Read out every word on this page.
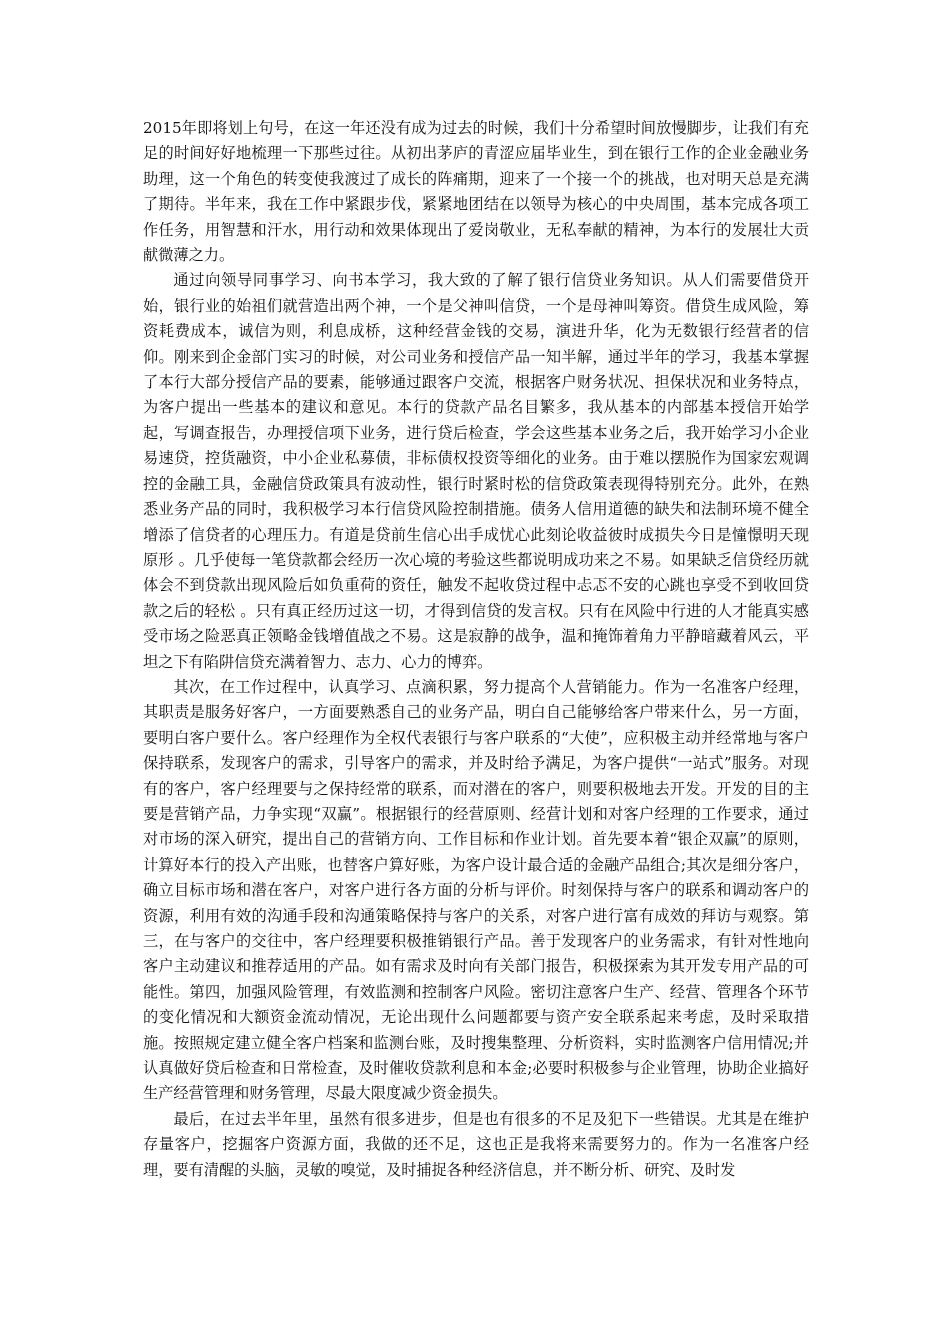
2015年即将划上句号，在这一年还没有成为过去的时候，我们十分希望时间放慢脚步，让我们有充足的时间好好地梳理一下那些过往。从初出茅庐的青涩应届毕业生，到在银行工作的企业金融业务助理，这一个角色的转变使我渡过了成长的阵痛期，迎来了一个接一个的挑战，也对明天总是充满了期待。半年来，我在工作中紧跟步伐，紧紧地团结在以领导为核心的中央周围，基本完成各项工作任务，用智慧和汗水，用行动和效果体现出了爱岗敬业，无私奉献的精神，为本行的发展壮大贡献微薄之力。

通过向领导同事学习、向书本学习，我大致的了解了银行信贷业务知识。从人们需要借贷开始，银行业的始祖们就营造出两个神，一个是父神叫信贷，一个是母神叫筹资。借贷生成风险，筹资耗费成本，诚信为则，利息成桥，这种经营金钱的交易，演进升华，化为无数银行经营者的信仰。刚来到企金部门实习的时候，对公司业务和授信产品一知半解，通过半年的学习，我基本掌握了本行大部分授信产品的要素，能够通过跟客户交流，根据客户财务状况、担保状况和业务特点，为客户提出一些基本的建议和意见。本行的贷款产品名目繁多，我从基本的内部基本授信开始学起，写调查报告，办理授信项下业务，进行贷后检查，学会这些基本业务之后，我开始学习小企业易速贷，控货融资，中小企业私募债，非标债权投资等细化的业务。由于难以摆脱作为国家宏观调控的金融工具，金融信贷政策具有波动性，银行时紧时松的信贷政策表现得特别充分。此外，在熟悉业务产品的同时，我积极学习本行信贷风险控制措施。债务人信用道德的缺失和法制环境不健全增添了信贷者的心理压力。有道是贷前生信心出手成忧心此刻论收益彼时成损失今日是憧憬明天现原形 。几乎使每一笔贷款都会经历一次心境的考验这些都说明成功来之不易。如果缺乏信贷经历就体会不到贷款出现风险后如负重荷的资任，触发不起收贷过程中忐忑不安的心跳也享受不到收回贷款之后的轻松 。只有真正经历过这一切，才得到信贷的发言权。只有在风险中行进的人才能真实感受市场之险恶真正领略金钱增值战之不易。这是寂静的战争，温和掩饰着角力平静暗藏着风云，平坦之下有陷阱信贷充满着智力、志力、心力的博弈。

其次，在工作过程中，认真学习、点滴积累，努力提高个人营销能力。作为一名准客户经理，其职责是服务好客户，一方面要熟悉自己的业务产品，明白自己能够给客户带来什么，另一方面，要明白客户要什么。客户经理作为全权代表银行与客户联系的“大使”，应积极主动并经常地与客户保持联系，发现客户的需求，引导客户的需求，并及时给予满足，为客户提供“一站式”服务。对现有的客户，客户经理要与之保持经常的联系，而对潜在的客户，则要积极地去开发。开发的目的主要是营销产品，力争实现“双赢”。根据银行的经营原则、经营计划和对客户经理的工作要求，通过对市场的深入研究，提出自己的营销方向、工作目标和作业计划。首先要本着“银企双赢”的原则，计算好本行的投入产出账，也替客户算好账，为客户设计最合适的金融产品组合;其次是细分客户，确立目标市场和潜在客户，对客户进行各方面的分析与评价。时刻保持与客户的联系和调动客户的资源，利用有效的沟通手段和沟通策略保持与客户的关系，对客户进行富有成效的拜访与观察。第三，在与客户的交往中，客户经理要积极推销银行产品。善于发现客户的业务需求，有针对性地向客户主动建议和推荐适用的产品。如有需求及时向有关部门报告，积极探索为其开发专用产品的可能性。第四，加强风险管理，有效监测和控制客户风险。密切注意客户生产、经营、管理各个环节的变化情况和大额资金流动情况，无论出现什么问题都要与资产安全联系起来考虑，及时采取措施。按照规定建立健全客户档案和监测台账，及时搜集整理、分析资料，实时监测客户信用情况;并认真做好贷后检查和日常检查，及时催收贷款利息和本金;必要时积极参与企业管理，协助企业搞好生产经营管理和财务管理，尽最大限度减少资金损失。

最后，在过去半年里，虽然有很多进步，但是也有很多的不足及犯下一些错误。尤其是在维护存量客户，挖掘客户资源方面，我做的还不足，这也正是我将来需要努力的。作为一名准客户经理，要有清醒的头脑，灵敏的嗅觉，及时捕捉各种经济信息，并不断分析、研究、及时发
